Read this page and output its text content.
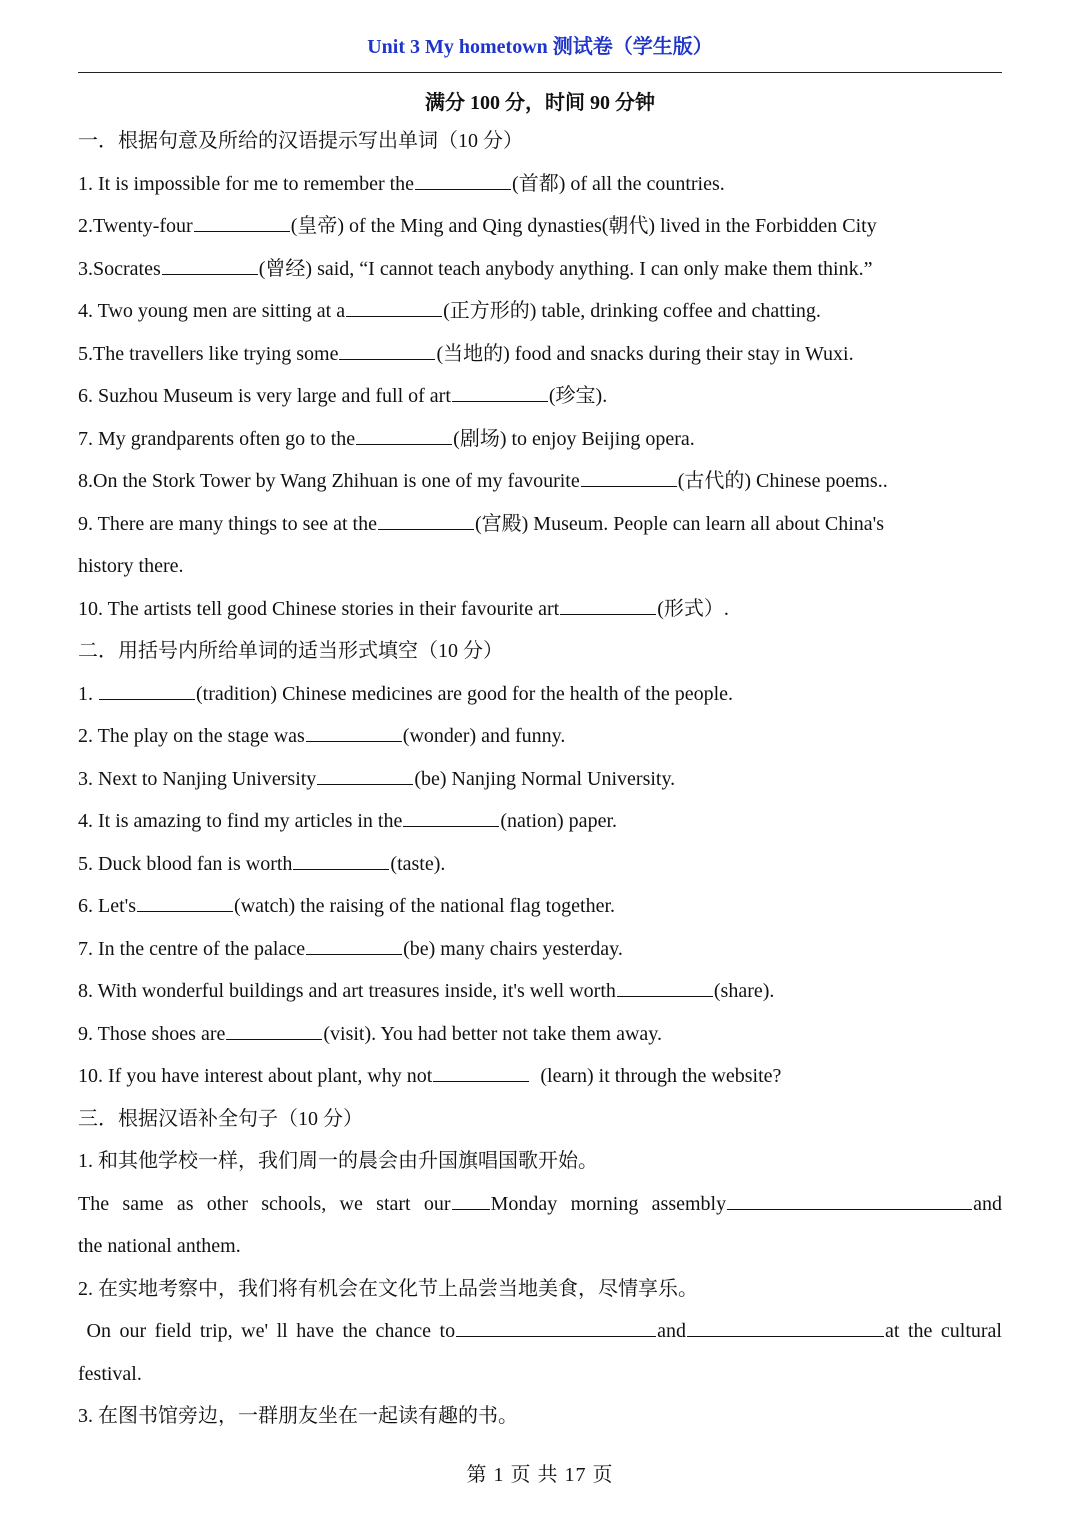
Unit 3 My hometown 测试卷（学生版）
满分 100 分，时间 90 分钟
一．根据句意及所给的汉语提示写出单词（10 分）
1. It is impossible for me to remember the	(首都) of all the countries.
2.Twenty-four	(皇帝) of the Ming and Qing dynasties(朝代) lived in the Forbidden City
3.Socrates	(曾经) said, “I cannot teach anybody anything. I can only make them think.”
4. Two young men are sitting at a	(正方形的) table, drinking coffee and chatting.
5.The travellers like trying some	(当地的) food and snacks during their stay in Wuxi.
6. Suzhou Museum is very large and full of art	(珍宝).
7. My grandparents often go to the	(剧场) to enjoy Beijing opera.
8.On the Stork Tower by Wang Zhihuan is one of my favourite	(古代的) Chinese poems..
9. There are many things to see at the	(宫殿) Museum. People can learn all about China's
history there.
10. The artists tell good Chinese stories in their favourite art	(形式）.
二．用括号内所给单词的适当形式填空（10 分）
1.	(tradition) Chinese medicines are good for the health of the people.
2. The play on the stage was	(wonder) and funny.
3. Next to Nanjing University	(be) Nanjing Normal University.
4. It is amazing to find my articles in the	(nation) paper.
5. Duck blood fan is worth	(taste).
6. Let's	(watch) the raising of the national flag together.
7. In the centre of the palace	(be) many chairs yesterday.
8. With wonderful buildings and art treasures inside, it's well worth	(share).
9. Those shoes are	(visit). You had better not take them away.
10. If you have interest about plant, why not	(learn) it through the website?
三．根据汉语补全句子（10 分）
1. 和其他学校一样，我们周一的晨会由升国旗唱国歌开始。
The same as other schools, we start our Monday morning assembly	and
the national anthem.
2. 在实地考察中，我们将有机会在文化节上品尝当地美食，尽情享乐。
On our field trip, we' ll have the chance to	and	at the cultural
festival.
3. 在图书馆旁边，一群朋友坐在一起读有趣的书。
第 1 页 共 17 页
